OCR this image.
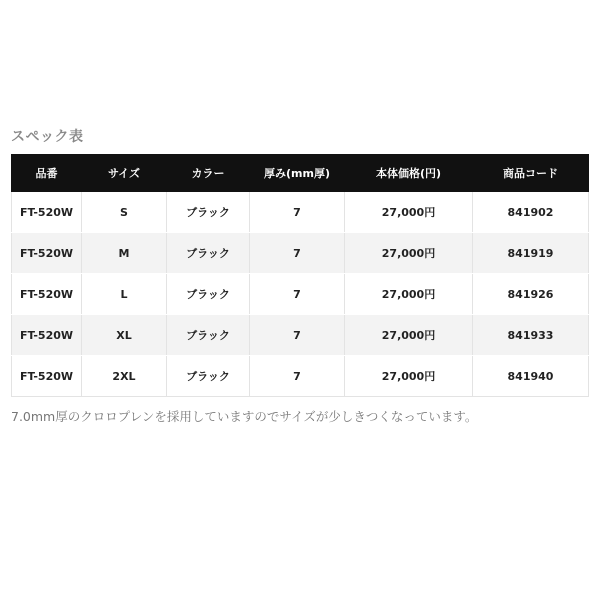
スペック表
品番	サイズ	カラー	厚み(mm厚)	本体価格(円)	商品コード
FT-520W	S	ブラック	7	27,000円	841902
FT-520W	M	ブラック	7	27,000円	841919
FT-520W	L	ブラック	7	27,000円	841926
FT-520W	XL	ブラック	7	27,000円	841933
FT-520W	2XL	ブラック	7	27,000円	841940
7.0mm厚のクロロプレンを採用していますのでサイズが少しきつくなっています。
